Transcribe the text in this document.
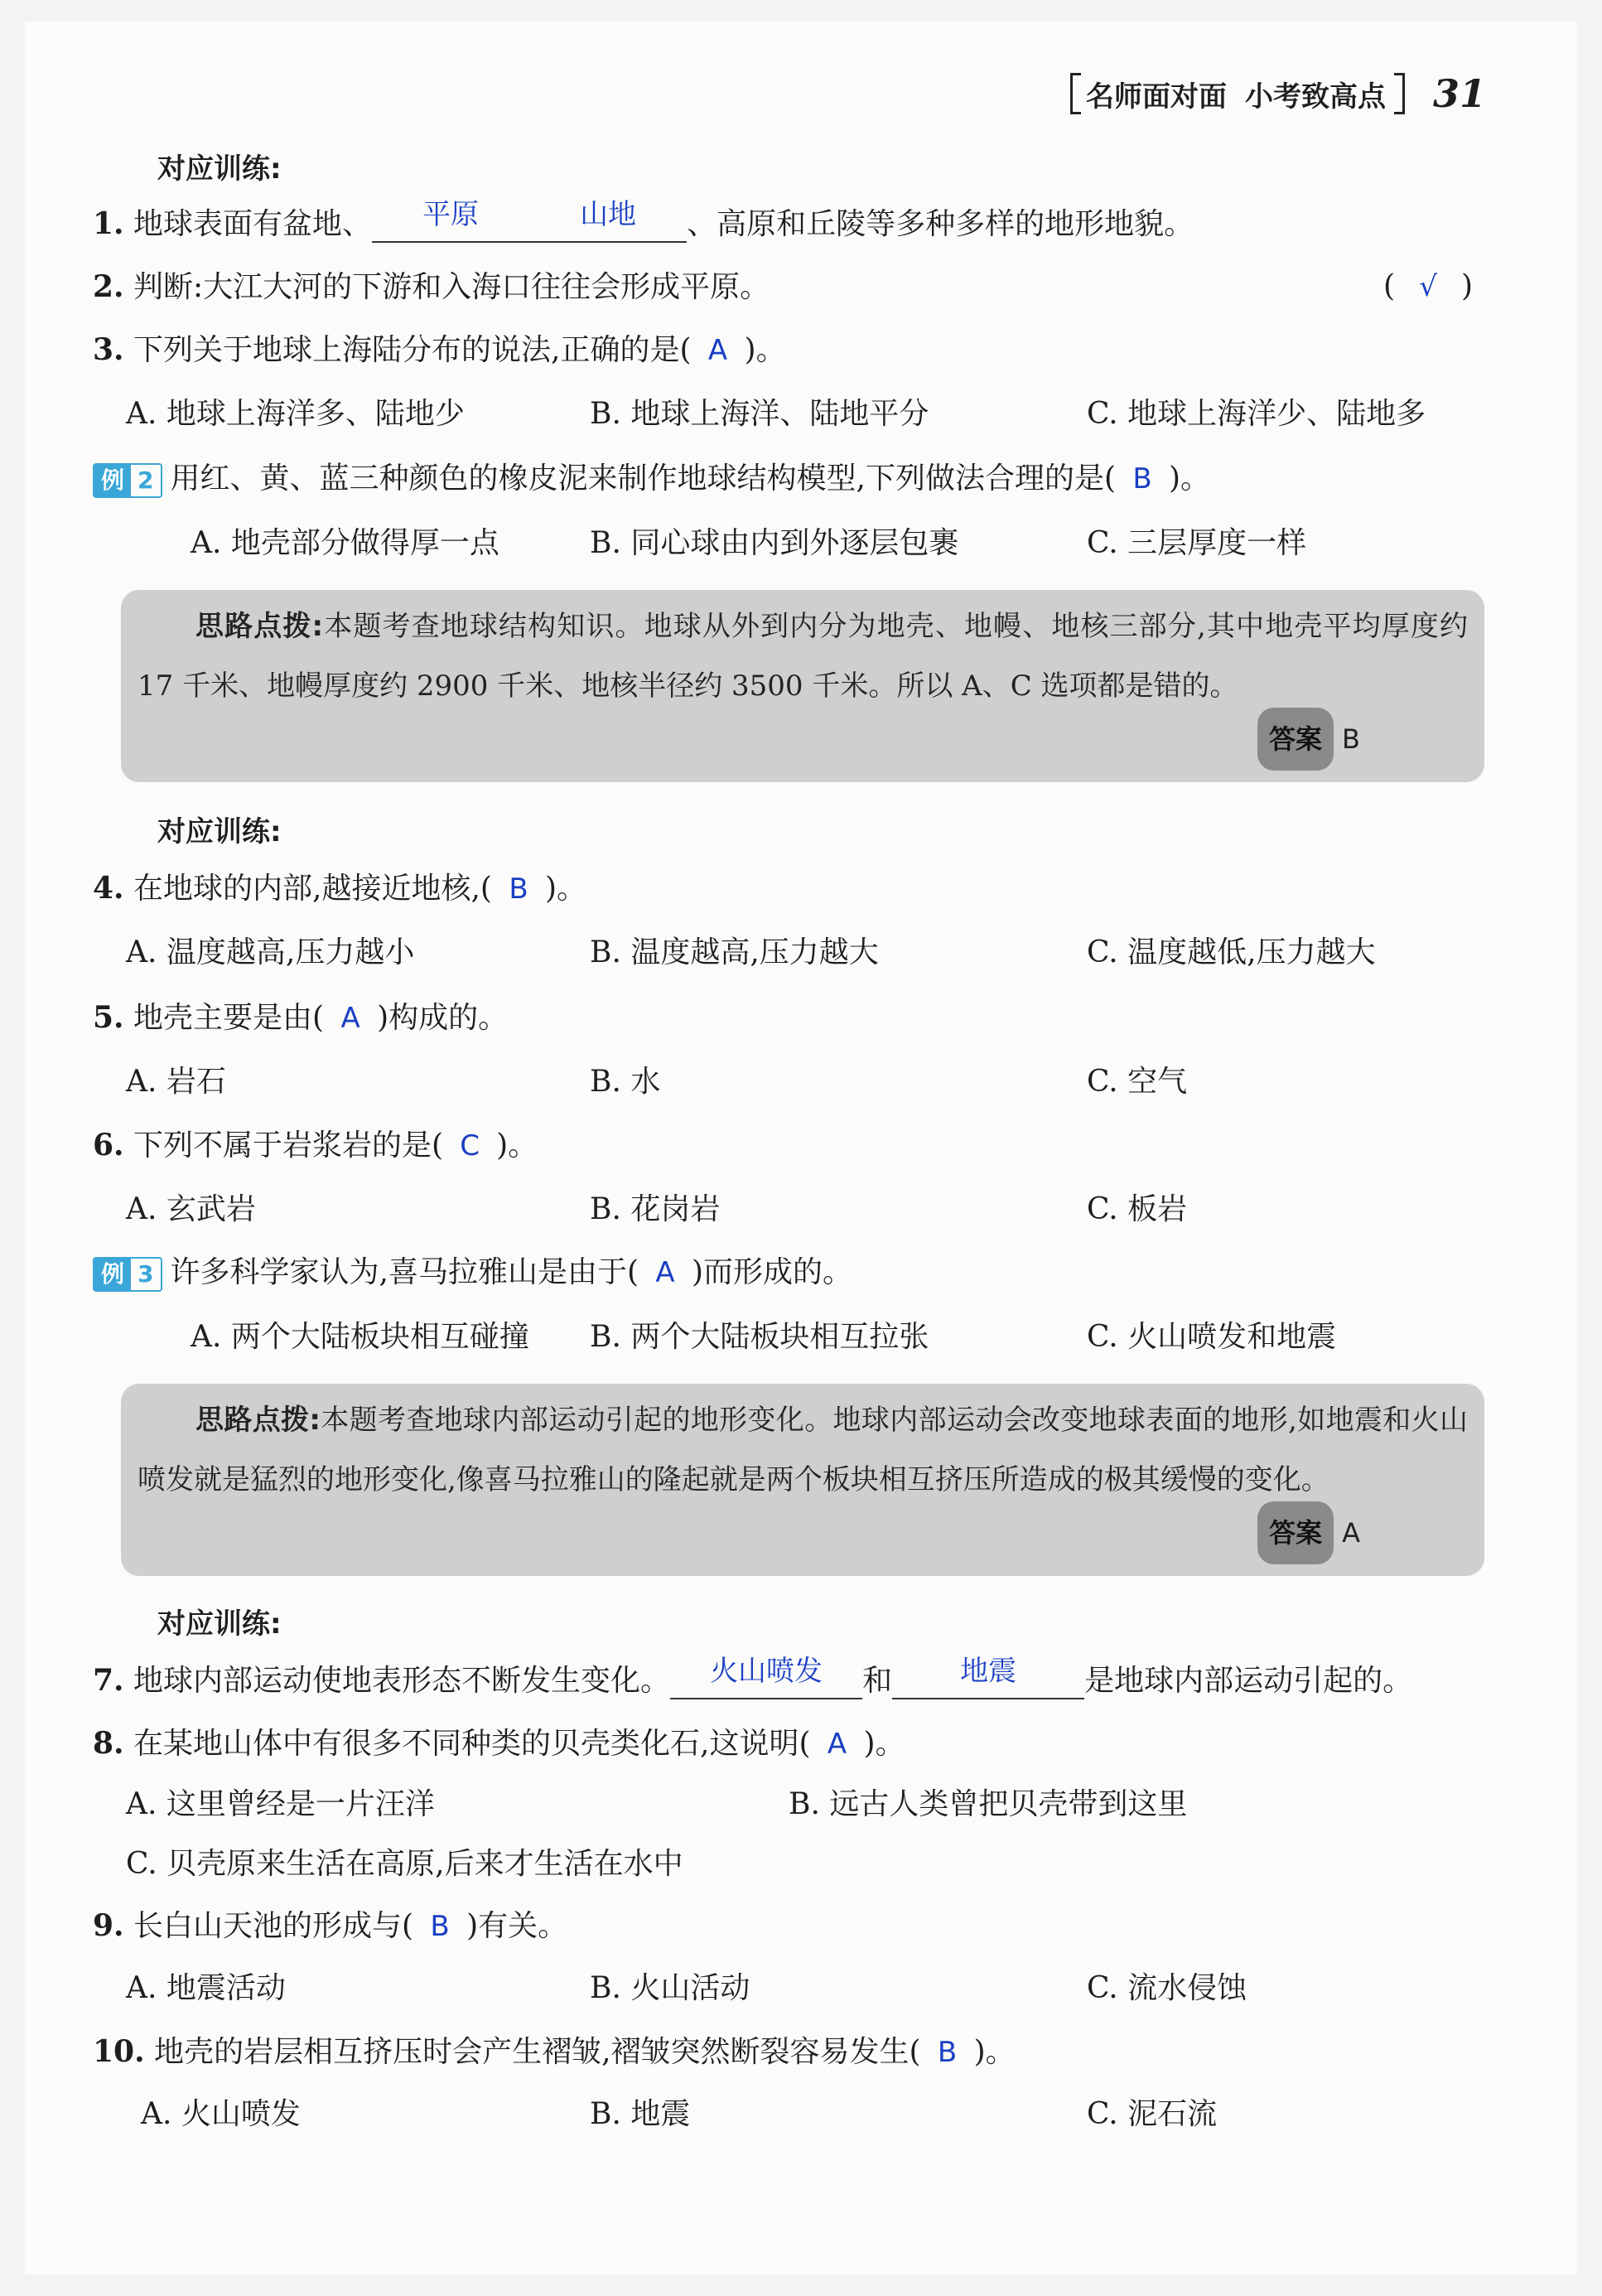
名师面对面 小考致高点 31
对应训练:
1. 地球表面有盆地、 平原	山地 、高原和丘陵等多种多样的地形地貌。
2. 判断:大江大河的下游和入海口往往会形成平原。	( √ )
3. 下列关于地球上海陆分布的说法,正确的是( A )。
A. 地球上海洋多、陆地少	B. 地球上海洋、陆地平分	C. 地球上海洋少、陆地多
例 2 用红、黄、蓝三种颜色的橡皮泥来制作地球结构模型,下列做法合理的是( B )。
A. 地壳部分做得厚一点	B. 同心球由内到外逐层包裹	C. 三层厚度一样
思路点拨:本题考查地球结构知识。地球从外到内分为地壳、地幔、地核三部分,其中地壳平均厚度约 17 千米、地幔厚度约 2900 千米、地核半径约 3500 千米。所以 A、C 选项都是错的。
答案 B
对应训练:
4. 在地球的内部,越接近地核,( B )。
A. 温度越高,压力越小	B. 温度越高,压力越大	C. 温度越低,压力越大
5. 地壳主要是由( A )构成的。
A. 岩石	B. 水	C. 空气
6. 下列不属于岩浆岩的是( C )。
A. 玄武岩	B. 花岗岩	C. 板岩
例 3 许多科学家认为,喜马拉雅山是由于( A )而形成的。
A. 两个大陆板块相互碰撞 B. 两个大陆板块相互拉张	C. 火山喷发和地震
思路点拨:本题考查地球内部运动引起的地形变化。地球内部运动会改变地球表面的地形,如地震和火山喷发就是猛烈的地形变化,像喜马拉雅山的隆起就是两个板块相互挤压所造成的极其缓慢的变化。
答案 A
对应训练:
7. 地球内部运动使地表形态不断发生变化。 火山喷发 和 地震 是地球内部运动引起的。
8. 在某地山体中有很多不同种类的贝壳类化石,这说明( A )。
A. 这里曾经是一片汪洋	B. 远古人类曾把贝壳带到这里
C. 贝壳原来生活在高原,后来才生活在水中
9. 长白山天池的形成与( B )有关。
A. 地震活动	B. 火山活动	C. 流水侵蚀
10. 地壳的岩层相互挤压时会产生褶皱,褶皱突然断裂容易发生( B )。
A. 火山喷发	B. 地震	C. 泥石流
